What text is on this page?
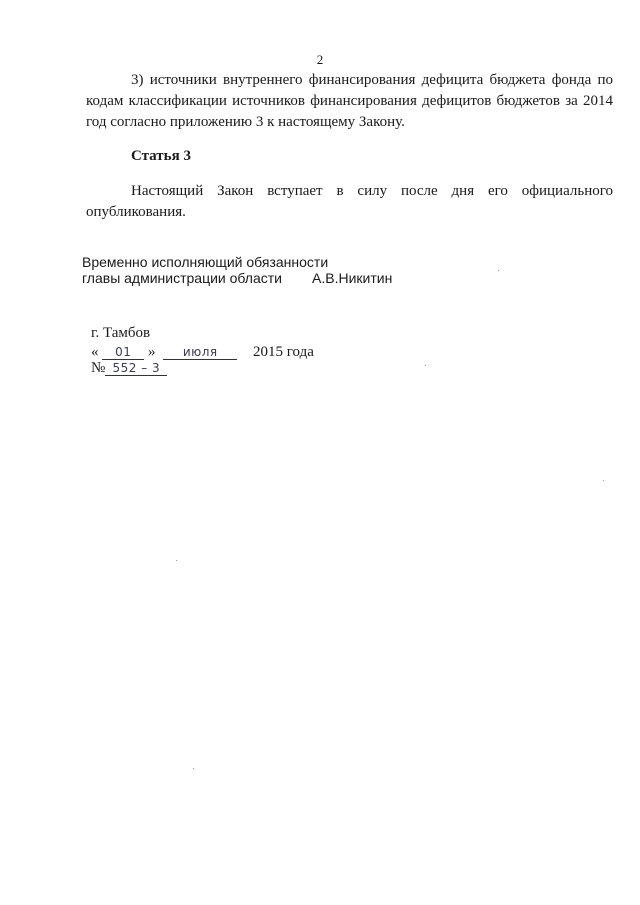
2

3) источники внутреннего финансирования дефицита бюджета фонда по кодам классификации источников финансирования дефицитов бюджетов за 2014 год согласно приложению 3 к настоящему Закону.

Статья 3

Настоящий Закон вступает в силу после дня его официального опубликования.

Временно исполняющий обязанности
главы администрации области А.В.Никитин
г. Тамбов
« 01 » июля 2015 года
№ 552 – 3
